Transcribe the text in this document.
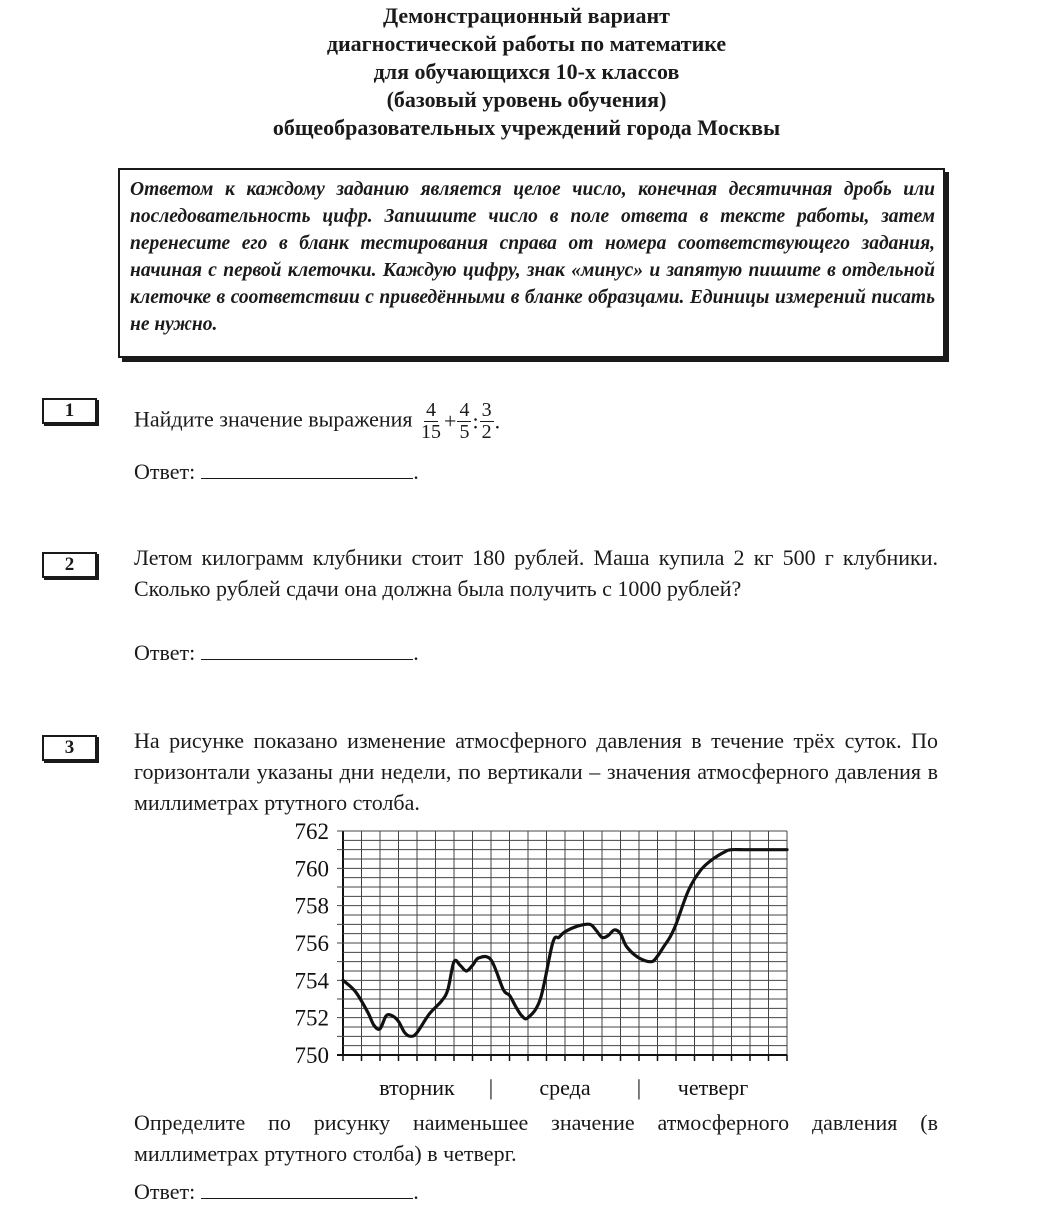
Демонстрационный вариант
диагностической работы по математике
для обучающихся 10-х классов
(базовый уровень обучения)
общеобразовательных учреждений города Москвы
Ответом к каждому заданию является целое число, конечная десятичная дробь или последовательность цифр. Запишите число в поле ответа в тексте работы, затем перенесите его в бланк тестирования справа от номера соответствующего задания, начиная с первой клеточки. Каждую цифру, знак «минус» и запятую пишите в отдельной клеточке в соответствии с приведёнными в бланке образцами. Единицы измерений писать не нужно.
1	Найдите значение выражения $\frac{4}{15} + \frac{4}{5}$ : $\frac{3}{2}$ .
Ответ:	.
2	Летом килограмм клубники стоит 180 рублей. Маша купила 2 кг 500 г клубники. Сколько рублей сдачи она должна была получить с 1000 рублей?
Ответ:	.
3	На рисунке показано изменение атмосферного давления в течение трёх суток. По горизонтали указаны дни недели, по вертикали – значения атмосферного давления в миллиметрах ртутного столба.
750
752
754
756
758
760
762
вторник | среда | четверг
Определите по рисунку наименьшее значение атмосферного давления (в миллиметрах ртутного столба) в четверг.
Ответ:	.
